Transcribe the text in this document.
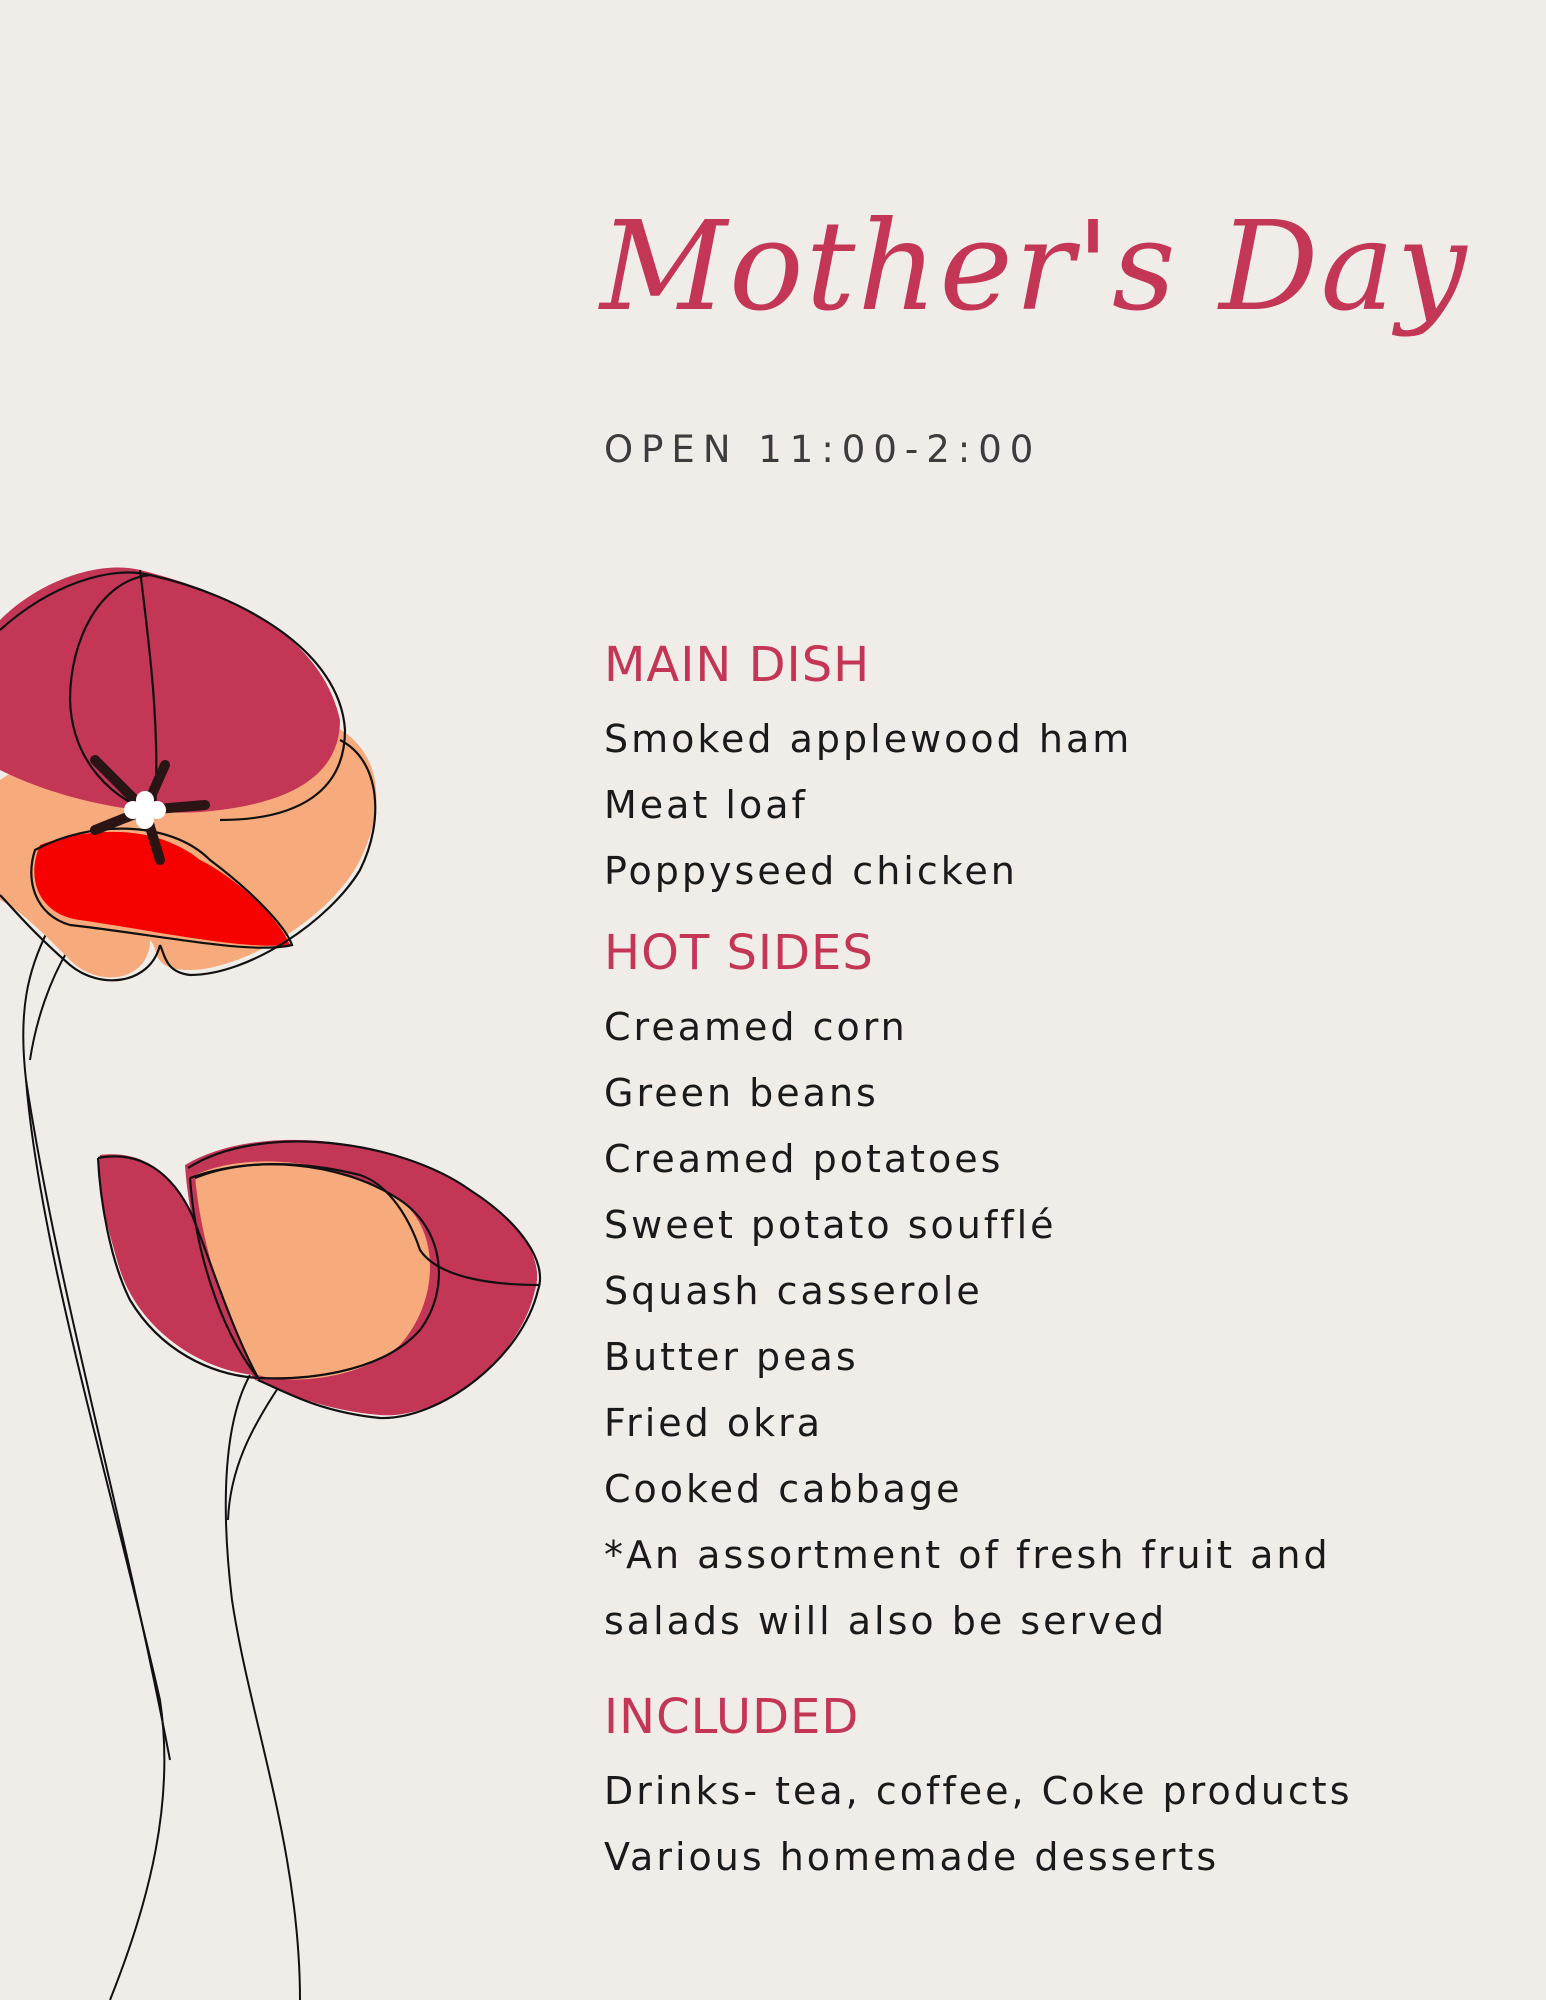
Mother's Day
OPEN 11:00-2:00
MAIN DISH
Smoked applewood ham
Meat loaf
Poppyseed chicken
HOT SIDES
Creamed corn
Green beans
Creamed potatoes
Sweet potato soufflé
Squash casserole
Butter peas
Fried okra
Cooked cabbage
*An assortment of fresh fruit and
salads will also be served
INCLUDED
Drinks- tea, coffee, Coke products
Various homemade desserts
